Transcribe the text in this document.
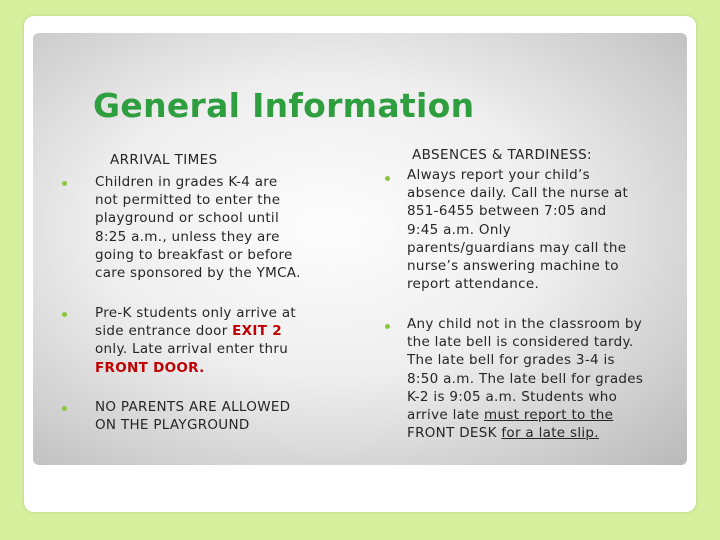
General Information
ARRIVAL TIMES
Children in grades K-4 are
not permitted to enter the
playground or school until
8:25 a.m., unless they are
going to breakfast or before
care sponsored by the YMCA.
Pre-K students only arrive at
side entrance door EXIT 2
only. Late arrival enter thru
FRONT DOOR.
NO PARENTS ARE ALLOWED
ON THE PLAYGROUND
ABSENCES & TARDINESS:
Always report your child’s
absence daily. Call the nurse at
851-6455 between 7:05 and
9:45 a.m. Only
parents/guardians may call the
nurse’s answering machine to
report attendance.
Any child not in the classroom by
the late bell is considered tardy.
The late bell for grades 3-4 is
8:50 a.m. The late bell for grades
K-2 is 9:05 a.m. Students who
arrive late must report to the
FRONT DESK for a late slip.
